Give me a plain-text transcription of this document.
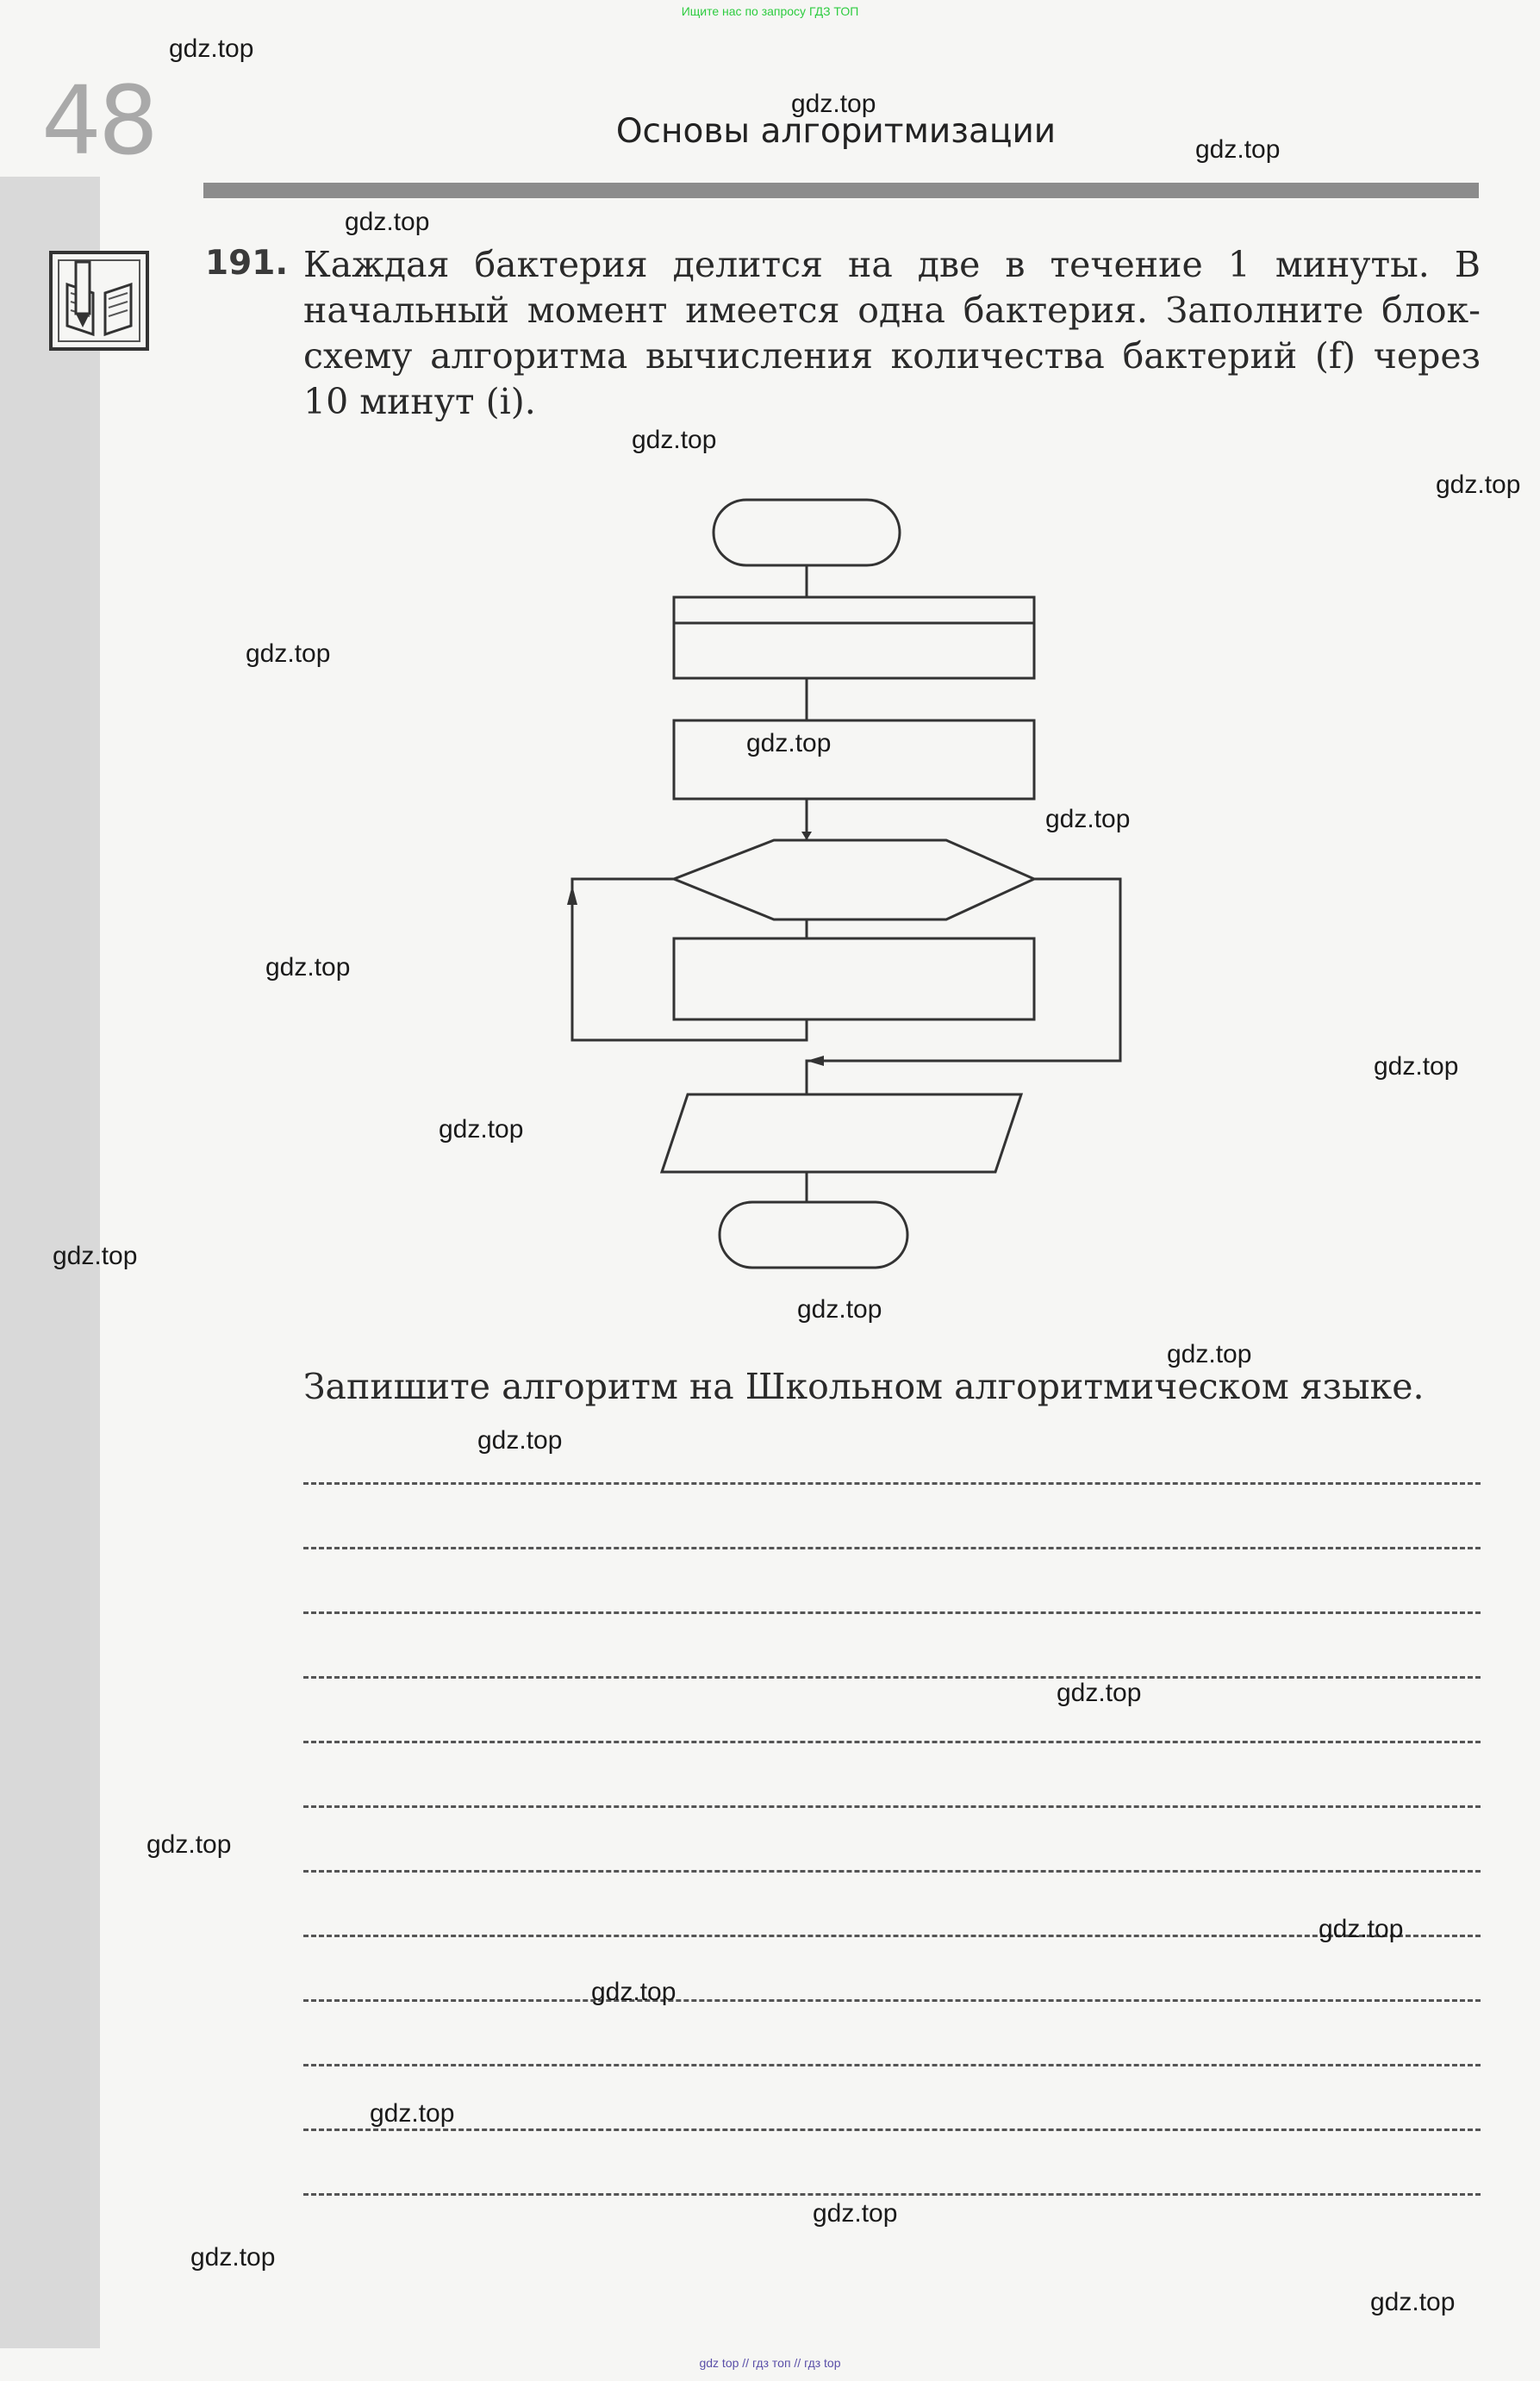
Ищите нас по запросу ГДЗ ТОП
48	Основы алгоритмизации
191. Каждая бактерия делится на две в течение 1 минуты. В начальный момент имеется одна бактерия. Заполните блок-схему алгоритма вычисления количества бактерий (f) через 10 минут (i).
Запишите алгоритм на Школьном алгоритмическом языке.
gdz.top
gdz.top
gdz.top
gdz.top
gdz.top
gdz.top
gdz.top
gdz.top
gdz.top
gdz.top
gdz.top
gdz.top
gdz.top
gdz.top
gdz.top
gdz.top
gdz.top
gdz.top
gdz.top
gdz.top
gdz.top
gdz.top
gdz.top
gdz.top
gdz top // гдз топ // гдз top
